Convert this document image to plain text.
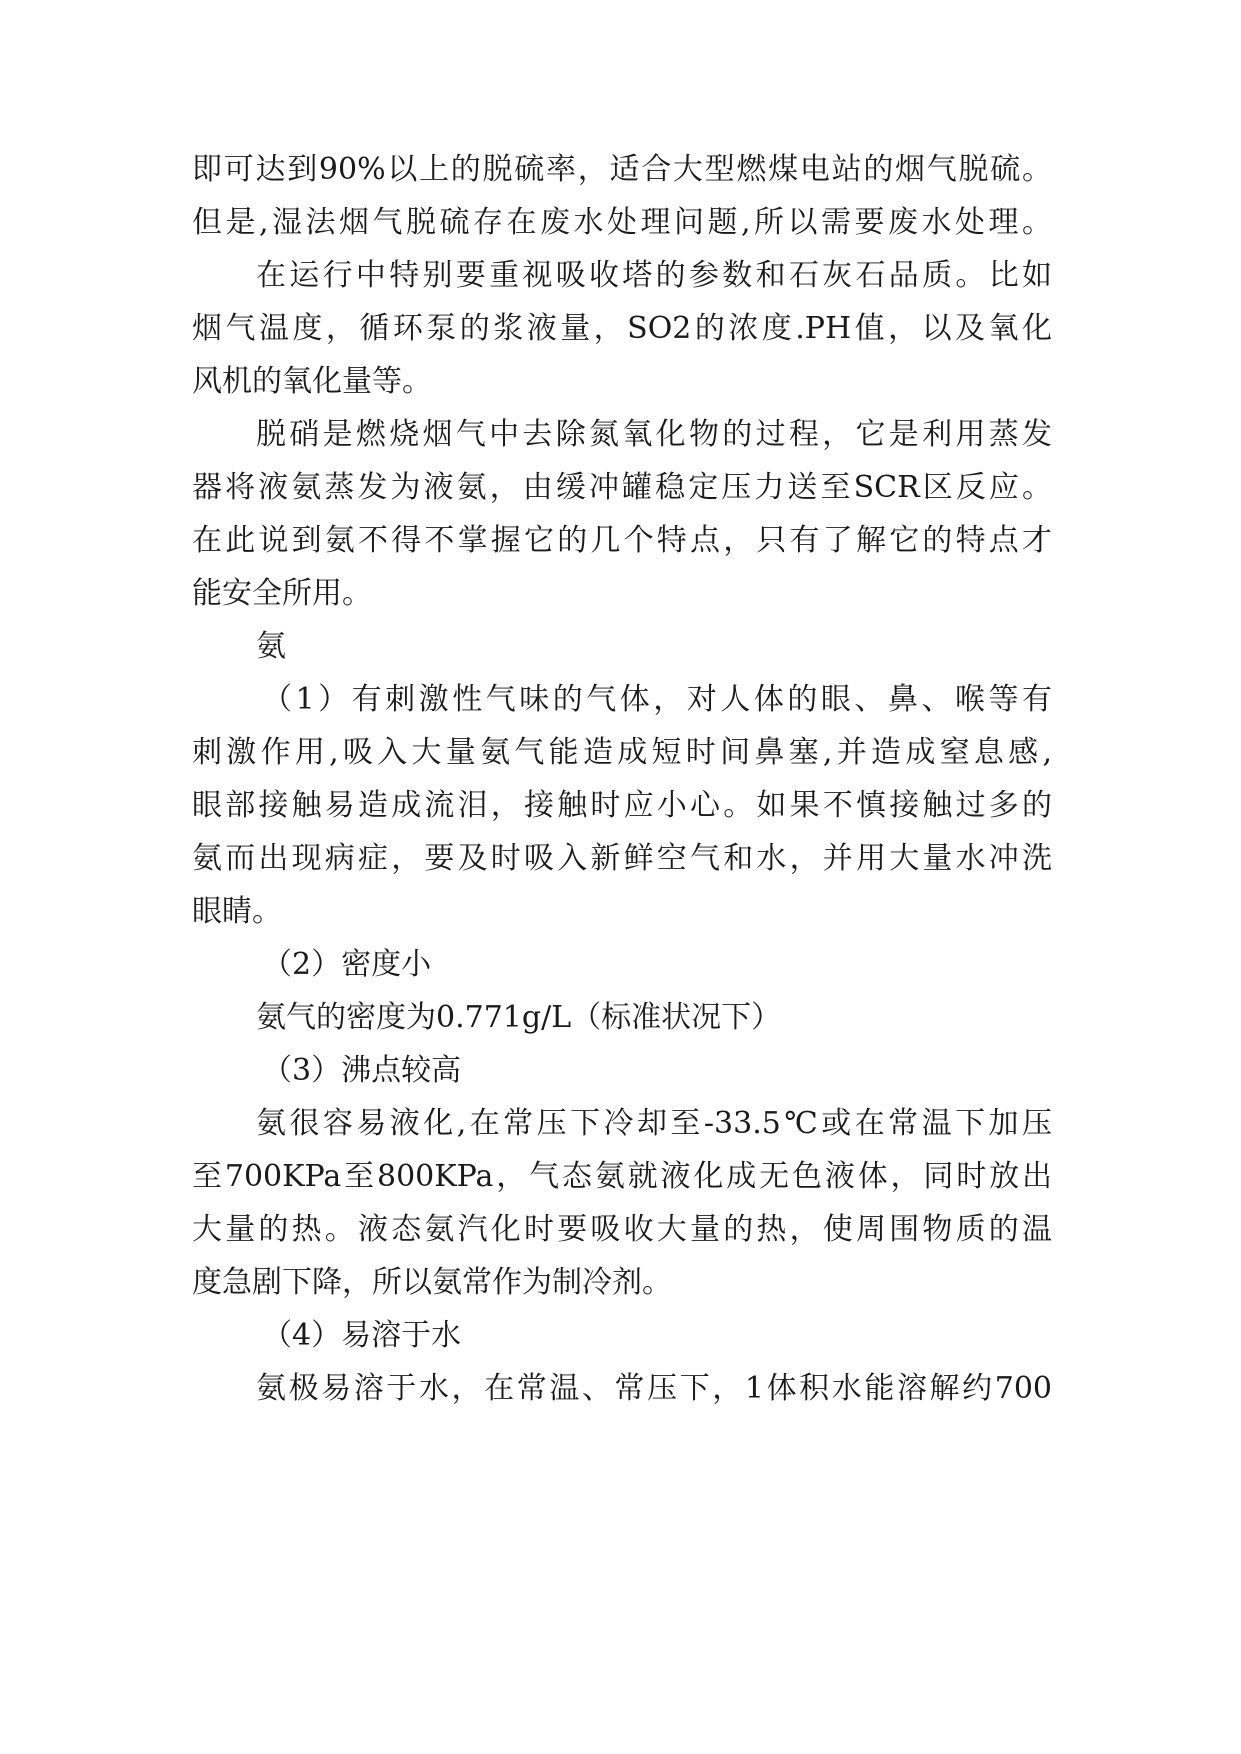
即可达到90%以上的脱硫率，适合大型燃煤电站的烟气脱硫。

但是,湿法烟气脱硫存在废水处理问题,所以需要废水处理。

在运行中特别要重视吸收塔的参数和石灰石品质。比如

烟气温度，循环泵的浆液量，SO2的浓度.PH值，以及氧化

风机的氧化量等。

脱硝是燃烧烟气中去除氮氧化物的过程，它是利用蒸发

器将液氨蒸发为液氨，由缓冲罐稳定压力送至SCR区反应。

在此说到氨不得不掌握它的几个特点，只有了解它的特点才

能安全所用。

氨

（1）有刺激性气味的气体，对人体的眼、鼻、喉等有

刺激作用,吸入大量氨气能造成短时间鼻塞,并造成窒息感,

眼部接触易造成流泪，接触时应小心。如果不慎接触过多的

氨而出现病症，要及时吸入新鲜空气和水，并用大量水冲洗

眼睛。

（2）密度小

氨气的密度为0.771g/L（标准状况下）

（3）沸点较高

氨很容易液化,在常压下冷却至-33.5℃或在常温下加压

至700KPa至800KPa，气态氨就液化成无色液体，同时放出

大量的热。液态氨汽化时要吸收大量的热，使周围物质的温

度急剧下降，所以氨常作为制冷剂。

（4）易溶于水

氨极易溶于水，在常温、常压下，1体积水能溶解约700
